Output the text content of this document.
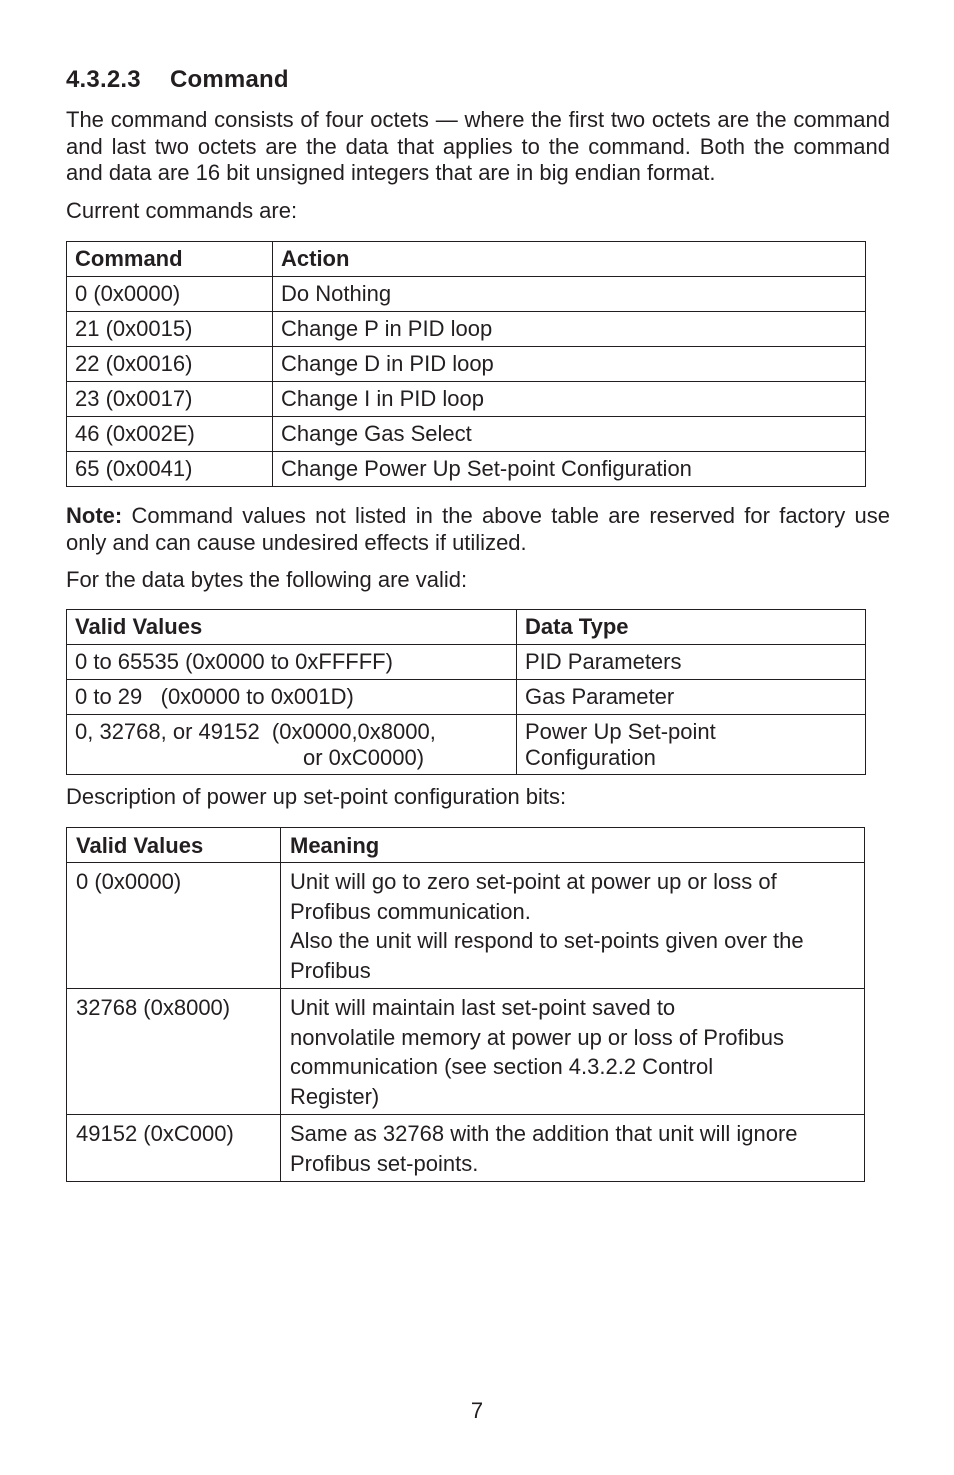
4.3.2.3 Command

The command consists of four octets — where the first two octets are the command and last two octets are the data that applies to the command. Both the command and data are 16 bit unsigned integers that are in big endian format.

Current commands are:

Command	Action
0 (0x0000)	Do Nothing
21 (0x0015)	Change P in PID loop
22 (0x0016)	Change D in PID loop
23 (0x0017)	Change I in PID loop
46 (0x002E)	Change Gas Select
65 (0x0041)	Change Power Up Set-point Configuration

Note: Command values not listed in the above table are reserved for factory use only and can cause undesired effects if utilized.

For the data bytes the following are valid:

Valid Values	Data Type
0 to 65535 (0x0000 to 0xFFFFF)	PID Parameters
0 to 29   (0x0000 to 0x001D)	Gas Parameter
0, 32768, or 49152  (0x0000,0x8000,
or 0xC0000)	Power Up Set-point
Configuration

Description of power up set-point configuration bits:

Valid Values	Meaning
0 (0x0000)	Unit will go to zero set-point at power up or loss of
Profibus communication.
Also the unit will respond to set-points given over the
Profibus
32768 (0x8000)	Unit will maintain last set-point saved to
nonvolatile memory at power up or loss of Profibus
communication (see section 4.3.2.2 Control
Register)
49152 (0xC000)	Same as 32768 with the addition that unit will ignore
Profibus set-points.
7
